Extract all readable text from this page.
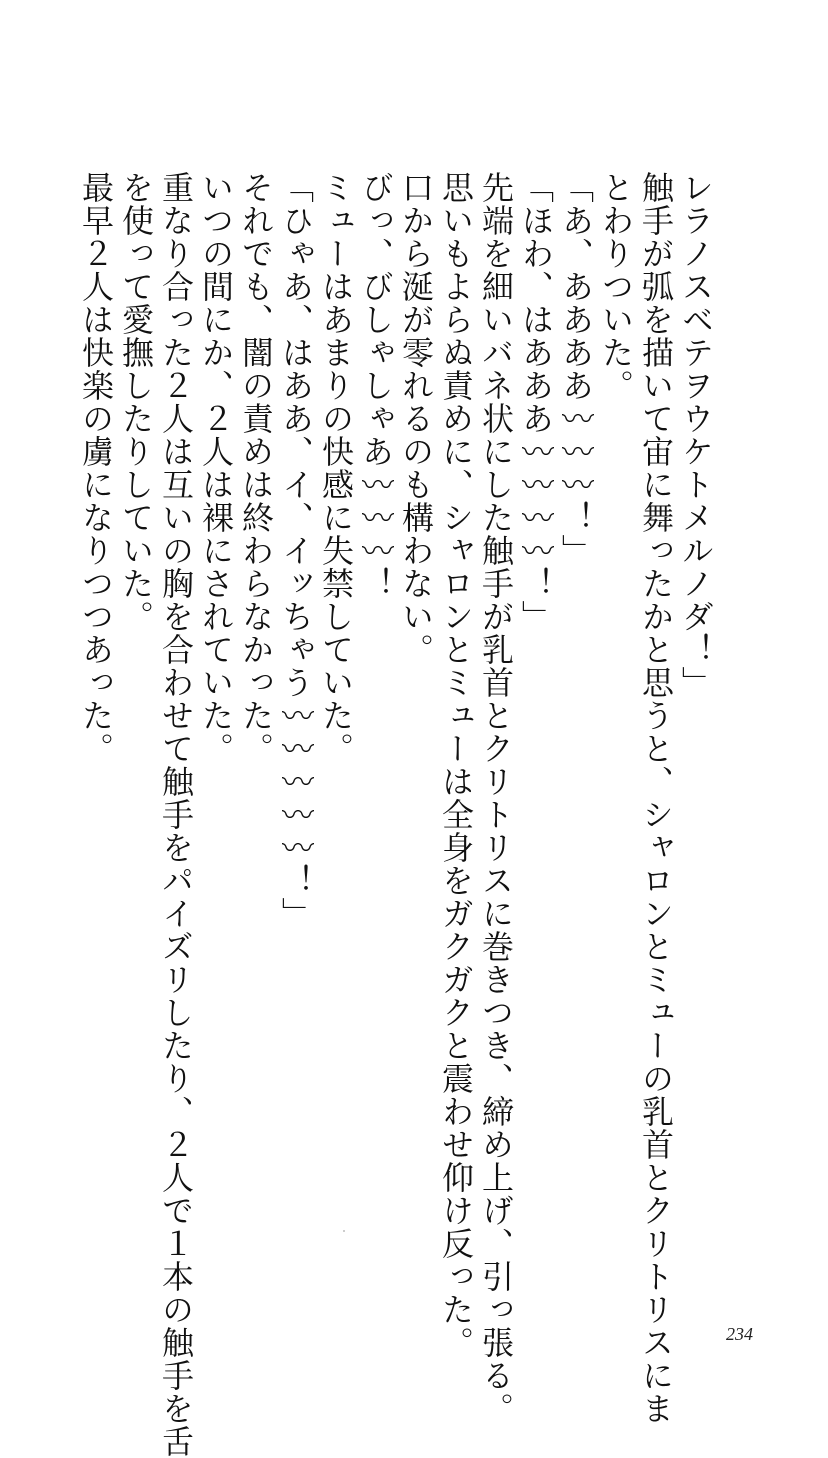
レラノスベテヲウケトメルノダ！」
触手が弧を描いて宙に舞ったかと思うと、シャロンとミューの乳首とクリトリスにま
とわりついた。
「あ、ああああ〰〰〰！」
「ほわ、はあああ〰〰〰〰！」
先端を細いバネ状にした触手が乳首とクリトリスに巻きつき、締め上げ、引っ張る。
思いもよらぬ責めに、シャロンとミューは全身をガクガクと震わせ仰け反った。
口から涎が零れるのも構わない。
びっ、びしゃしゃあ〰〰〰！
ミューはあまりの快感に失禁していた。
「ひゃあ、はああ、イ、イッちゃう〰〰〰〰〰！」
それでも、闇の責めは終わらなかった。
いつの間にか、２人は裸にされていた。
重なり合った２人は互いの胸を合わせて触手をパイズリしたり、２人で１本の触手を舌
を使って愛撫したりしていた。
最早２人は快楽の虜になりつつあった。
234
